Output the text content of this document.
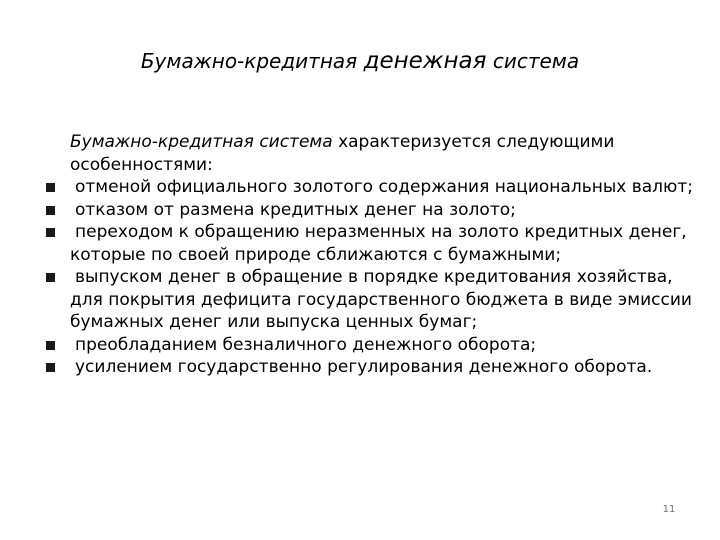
Бумажно-кредитная денежная система
Бумажно-кредитная система характеризуется следующими особенностями:
отменой официального золотого содержания национальных валют;
отказом от размена кредитных денег на золото;
переходом к обращению неразменных на золото кредитных денег, которые по своей природе сближаются с бумажными;
выпуском денег в обращение в порядке кредитования хозяйства, для покрытия дефицита государственного бюджета в виде эмиссии бумажных денег или выпуска ценных бумаг;
преобладанием безналичного денежного оборота;
усилением государственно регулирования денежного оборота.
11
